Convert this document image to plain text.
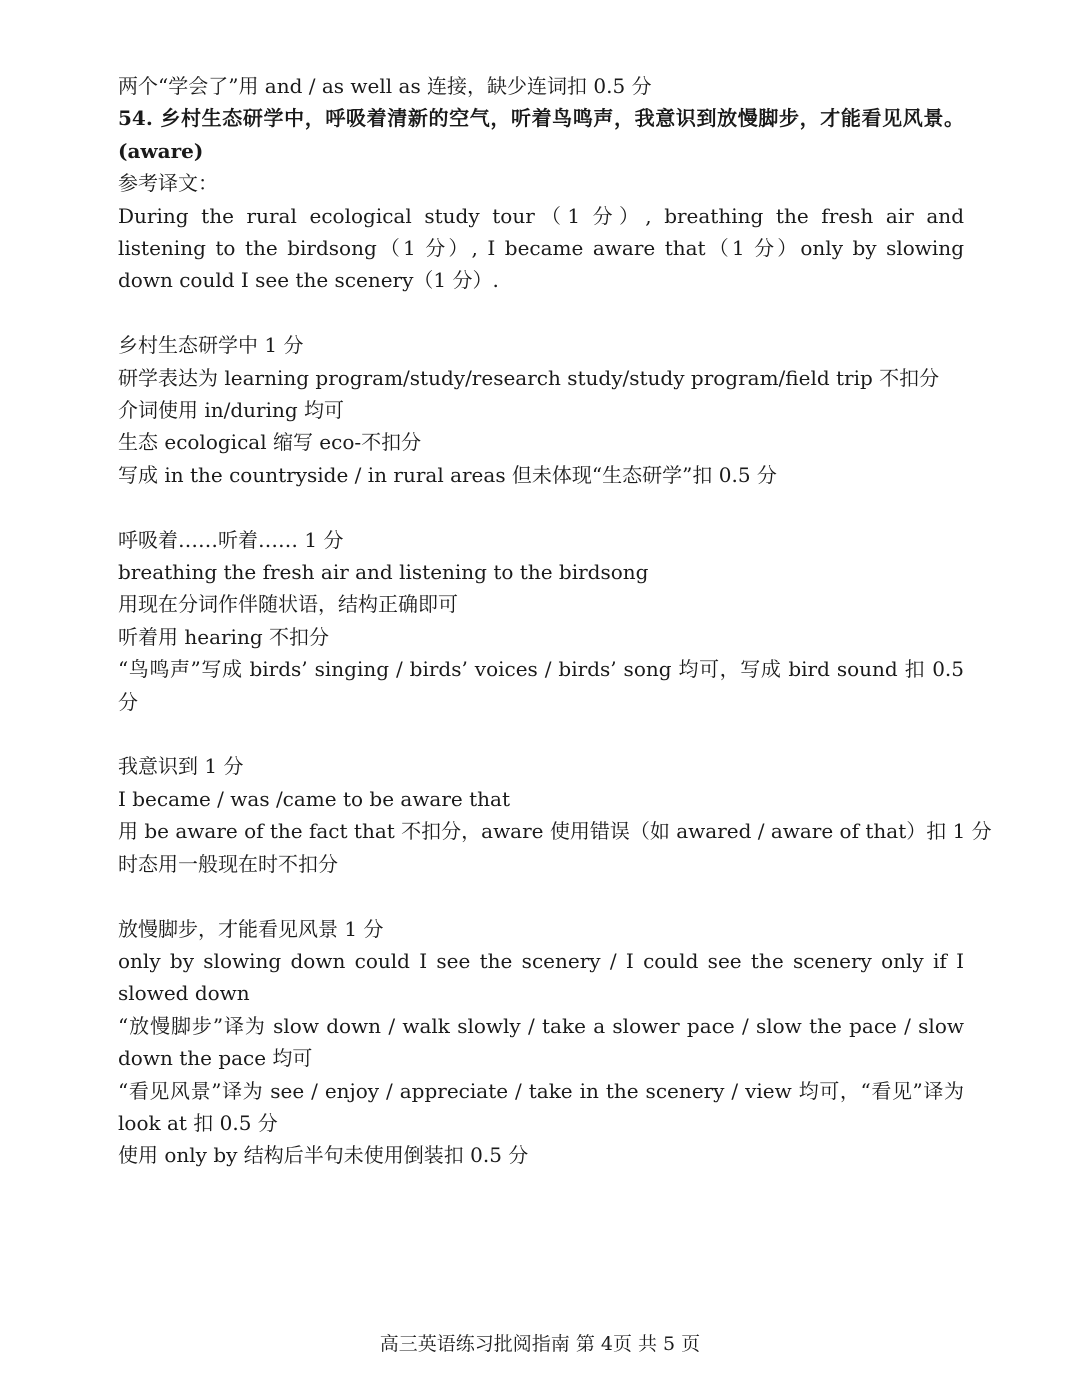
两个“学会了”用 and / as well as 连接，缺少连词扣 0.5 分

54. 乡村生态研学中，呼吸着清新的空气，听着鸟鸣声，我意识到放慢脚步，才能看见风景。(aware)

参考译文：

During the rural ecological study tour（1 分）, breathing the fresh air and listening to the birdsong（1 分）, I became aware that（1 分）only by slowing down could I see the scenery（1 分）.

乡村生态研学中 1 分

研学表达为 learning program/study/research study/study program/field trip 不扣分

介词使用 in/during 均可

生态 ecological 缩写 eco-不扣分

写成 in the countryside / in rural areas 但未体现“生态研学”扣 0.5 分

呼吸着……听着…… 1 分

breathing the fresh air and listening to the birdsong

用现在分词作伴随状语，结构正确即可

听着用 hearing 不扣分

“鸟鸣声”写成 birds’ singing / birds’ voices / birds’ song 均可，写成 bird sound 扣 0.5 分

我意识到 1 分

I became / was /came to be aware that

用 be aware of the fact that 不扣分，aware 使用错误（如 awared / aware of that）扣 1 分

时态用一般现在时不扣分

放慢脚步，才能看见风景 1 分

only by slowing down could I see the scenery / I could see the scenery only if I slowed down

“放慢脚步”译为 slow down / walk slowly / take a slower pace / slow the pace / slow down the pace 均可

“看见风景”译为 see / enjoy / appreciate / take in the scenery / view 均可，“看见”译为 look at 扣 0.5 分

使用 only by 结构后半句未使用倒装扣 0.5 分

高三英语练习批阅指南 第 4页 共 5 页
